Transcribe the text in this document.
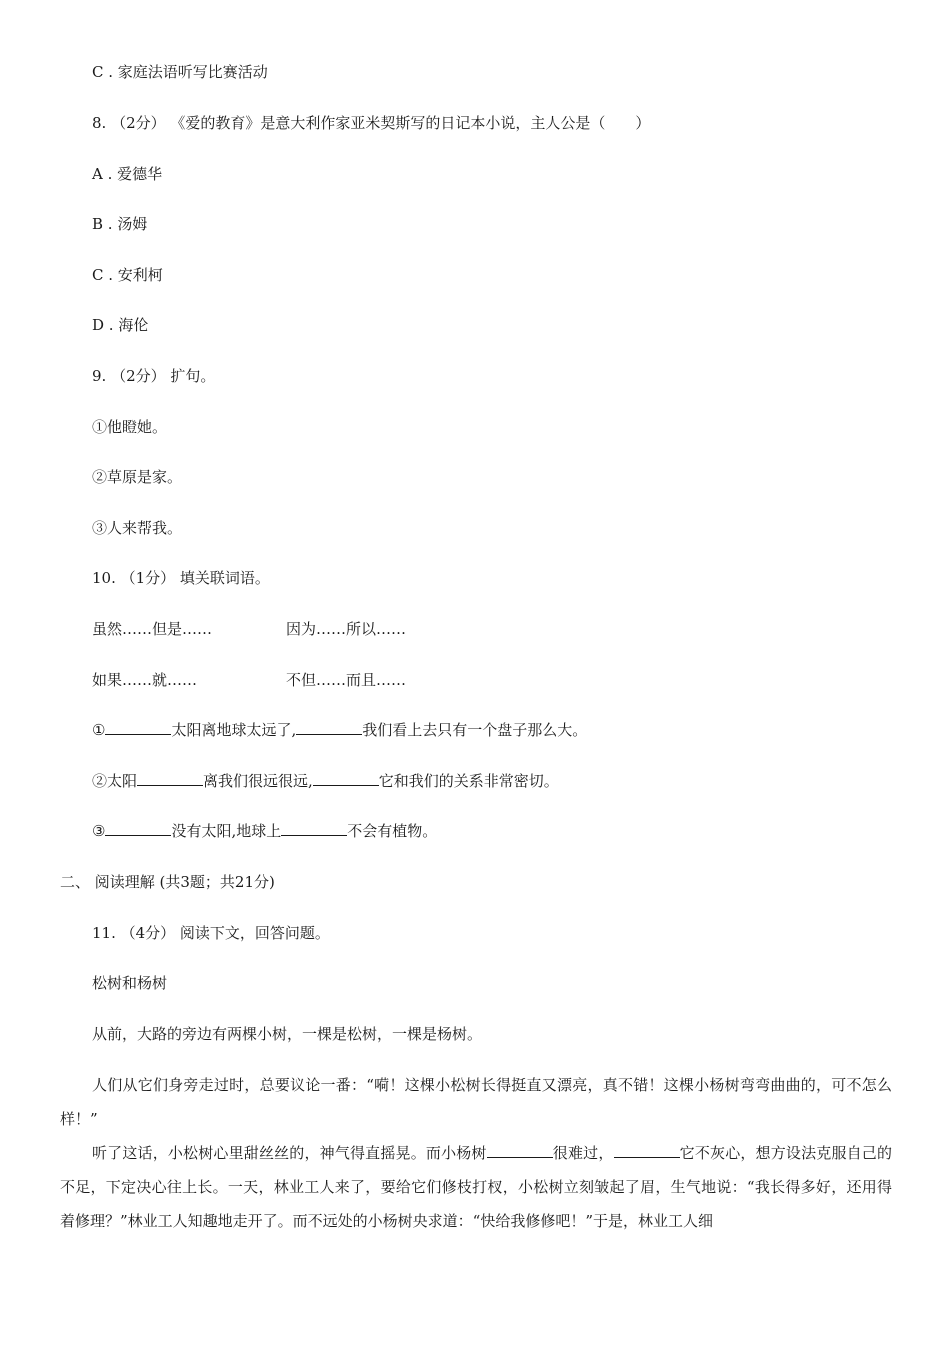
C . 家庭法语听写比赛活动
8. （2分） 《爱的教育》是意大利作家亚米契斯写的日记本小说，主人公是（　　）
A . 爱德华
B . 汤姆
C . 安利柯
D . 海伦
9. （2分） 扩句。
①他瞪她。
②草原是家。
③人来帮我。
10. （1分） 填关联词语。
虽然……但是……	因为……所以……
如果……就……	不但……而且……
①	太阳离地球太远了,	我们看上去只有一个盘子那么大。
②太阳	离我们很远很远,	它和我们的关系非常密切。
③	没有太阳,地球上	不会有植物。
二、 阅读理解 (共3题；共21分)
11. （4分） 阅读下文，回答问题。
松树和杨树
从前，大路的旁边有两棵小树，一棵是松树，一棵是杨树。
人们从它们身旁走过时，总要议论一番：“嗬！这棵小松树长得挺直又漂亮，真不错！这棵小杨树弯弯曲曲的，可不怎么样！”
听了这话，小松树心里甜丝丝的，神气得直摇晃。而小杨树	很难过，	它不灰心，想方设法克服自己的不足，下定决心往上长。一天，林业工人来了，要给它们修枝打杈，小松树立刻皱起了眉，生气地说：“我长得多好，还用得着修理？”林业工人知趣地走开了。而不远处的小杨树央求道：“快给我修修吧！”于是，林业工人细
